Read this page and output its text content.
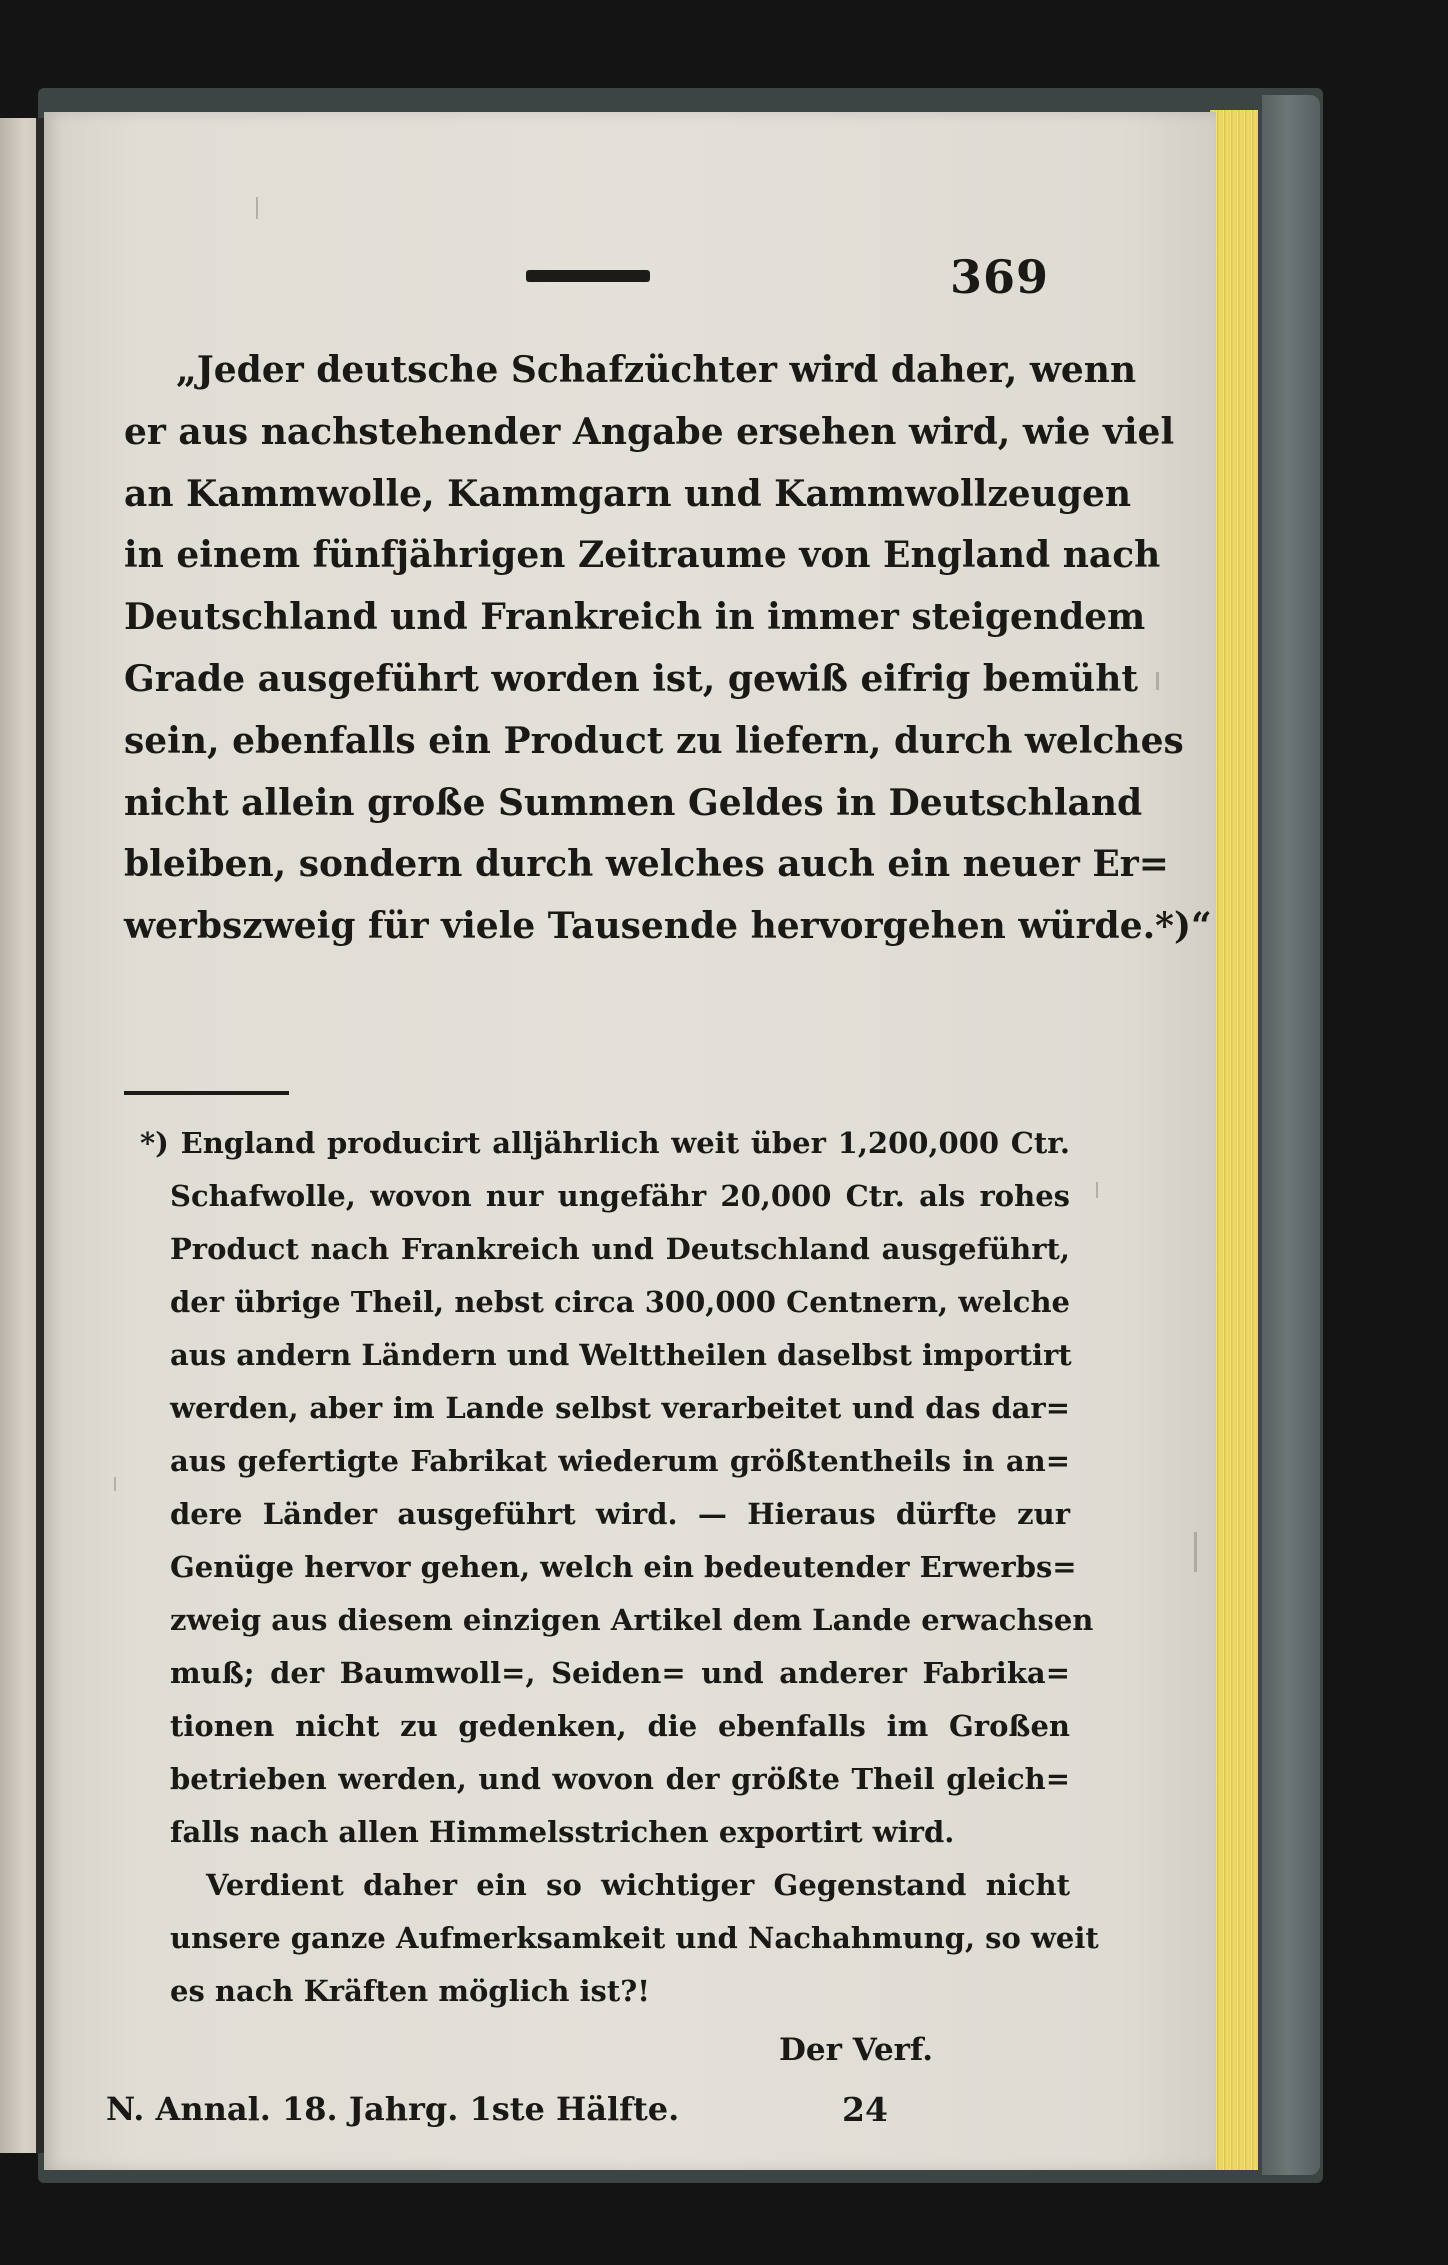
369
„Jeder deutsche Schafzüchter wird daher, wenn
er aus nachstehender Angabe ersehen wird, wie viel
an Kammwolle, Kammgarn und Kammwollzeugen
in einem fünfjährigen Zeitraume von England nach
Deutschland und Frankreich in immer steigendem
Grade ausgeführt worden ist, gewiß eifrig bemüht
sein, ebenfalls ein Product zu liefern, durch welches
nicht allein große Summen Geldes in Deutschland
bleiben, sondern durch welches auch ein neuer Er=
werbszweig für viele Tausende hervorgehen würde.*)“
*) England producirt alljährlich weit über 1,200,000 Ctr.
Schafwolle, wovon nur ungefähr 20,000 Ctr. als rohes
Product nach Frankreich und Deutschland ausgeführt,
der übrige Theil, nebst circa 300,000 Centnern, welche
aus andern Ländern und Welttheilen daselbst importirt
werden, aber im Lande selbst verarbeitet und das dar=
aus gefertigte Fabrikat wiederum größtentheils in an=
dere Länder ausgeführt wird. — Hieraus dürfte zur
Genüge hervor gehen, welch ein bedeutender Erwerbs=
zweig aus diesem einzigen Artikel dem Lande erwachsen
muß; der Baumwoll=, Seiden= und anderer Fabrika=
tionen nicht zu gedenken, die ebenfalls im Großen
betrieben werden, und wovon der größte Theil gleich=
falls nach allen Himmelsstrichen exportirt wird.
Verdient daher ein so wichtiger Gegenstand nicht
unsere ganze Aufmerksamkeit und Nachahmung, so weit
es nach Kräften möglich ist?!
Der Verf.
N. Annal. 18. Jahrg. 1ste Hälfte.	24
